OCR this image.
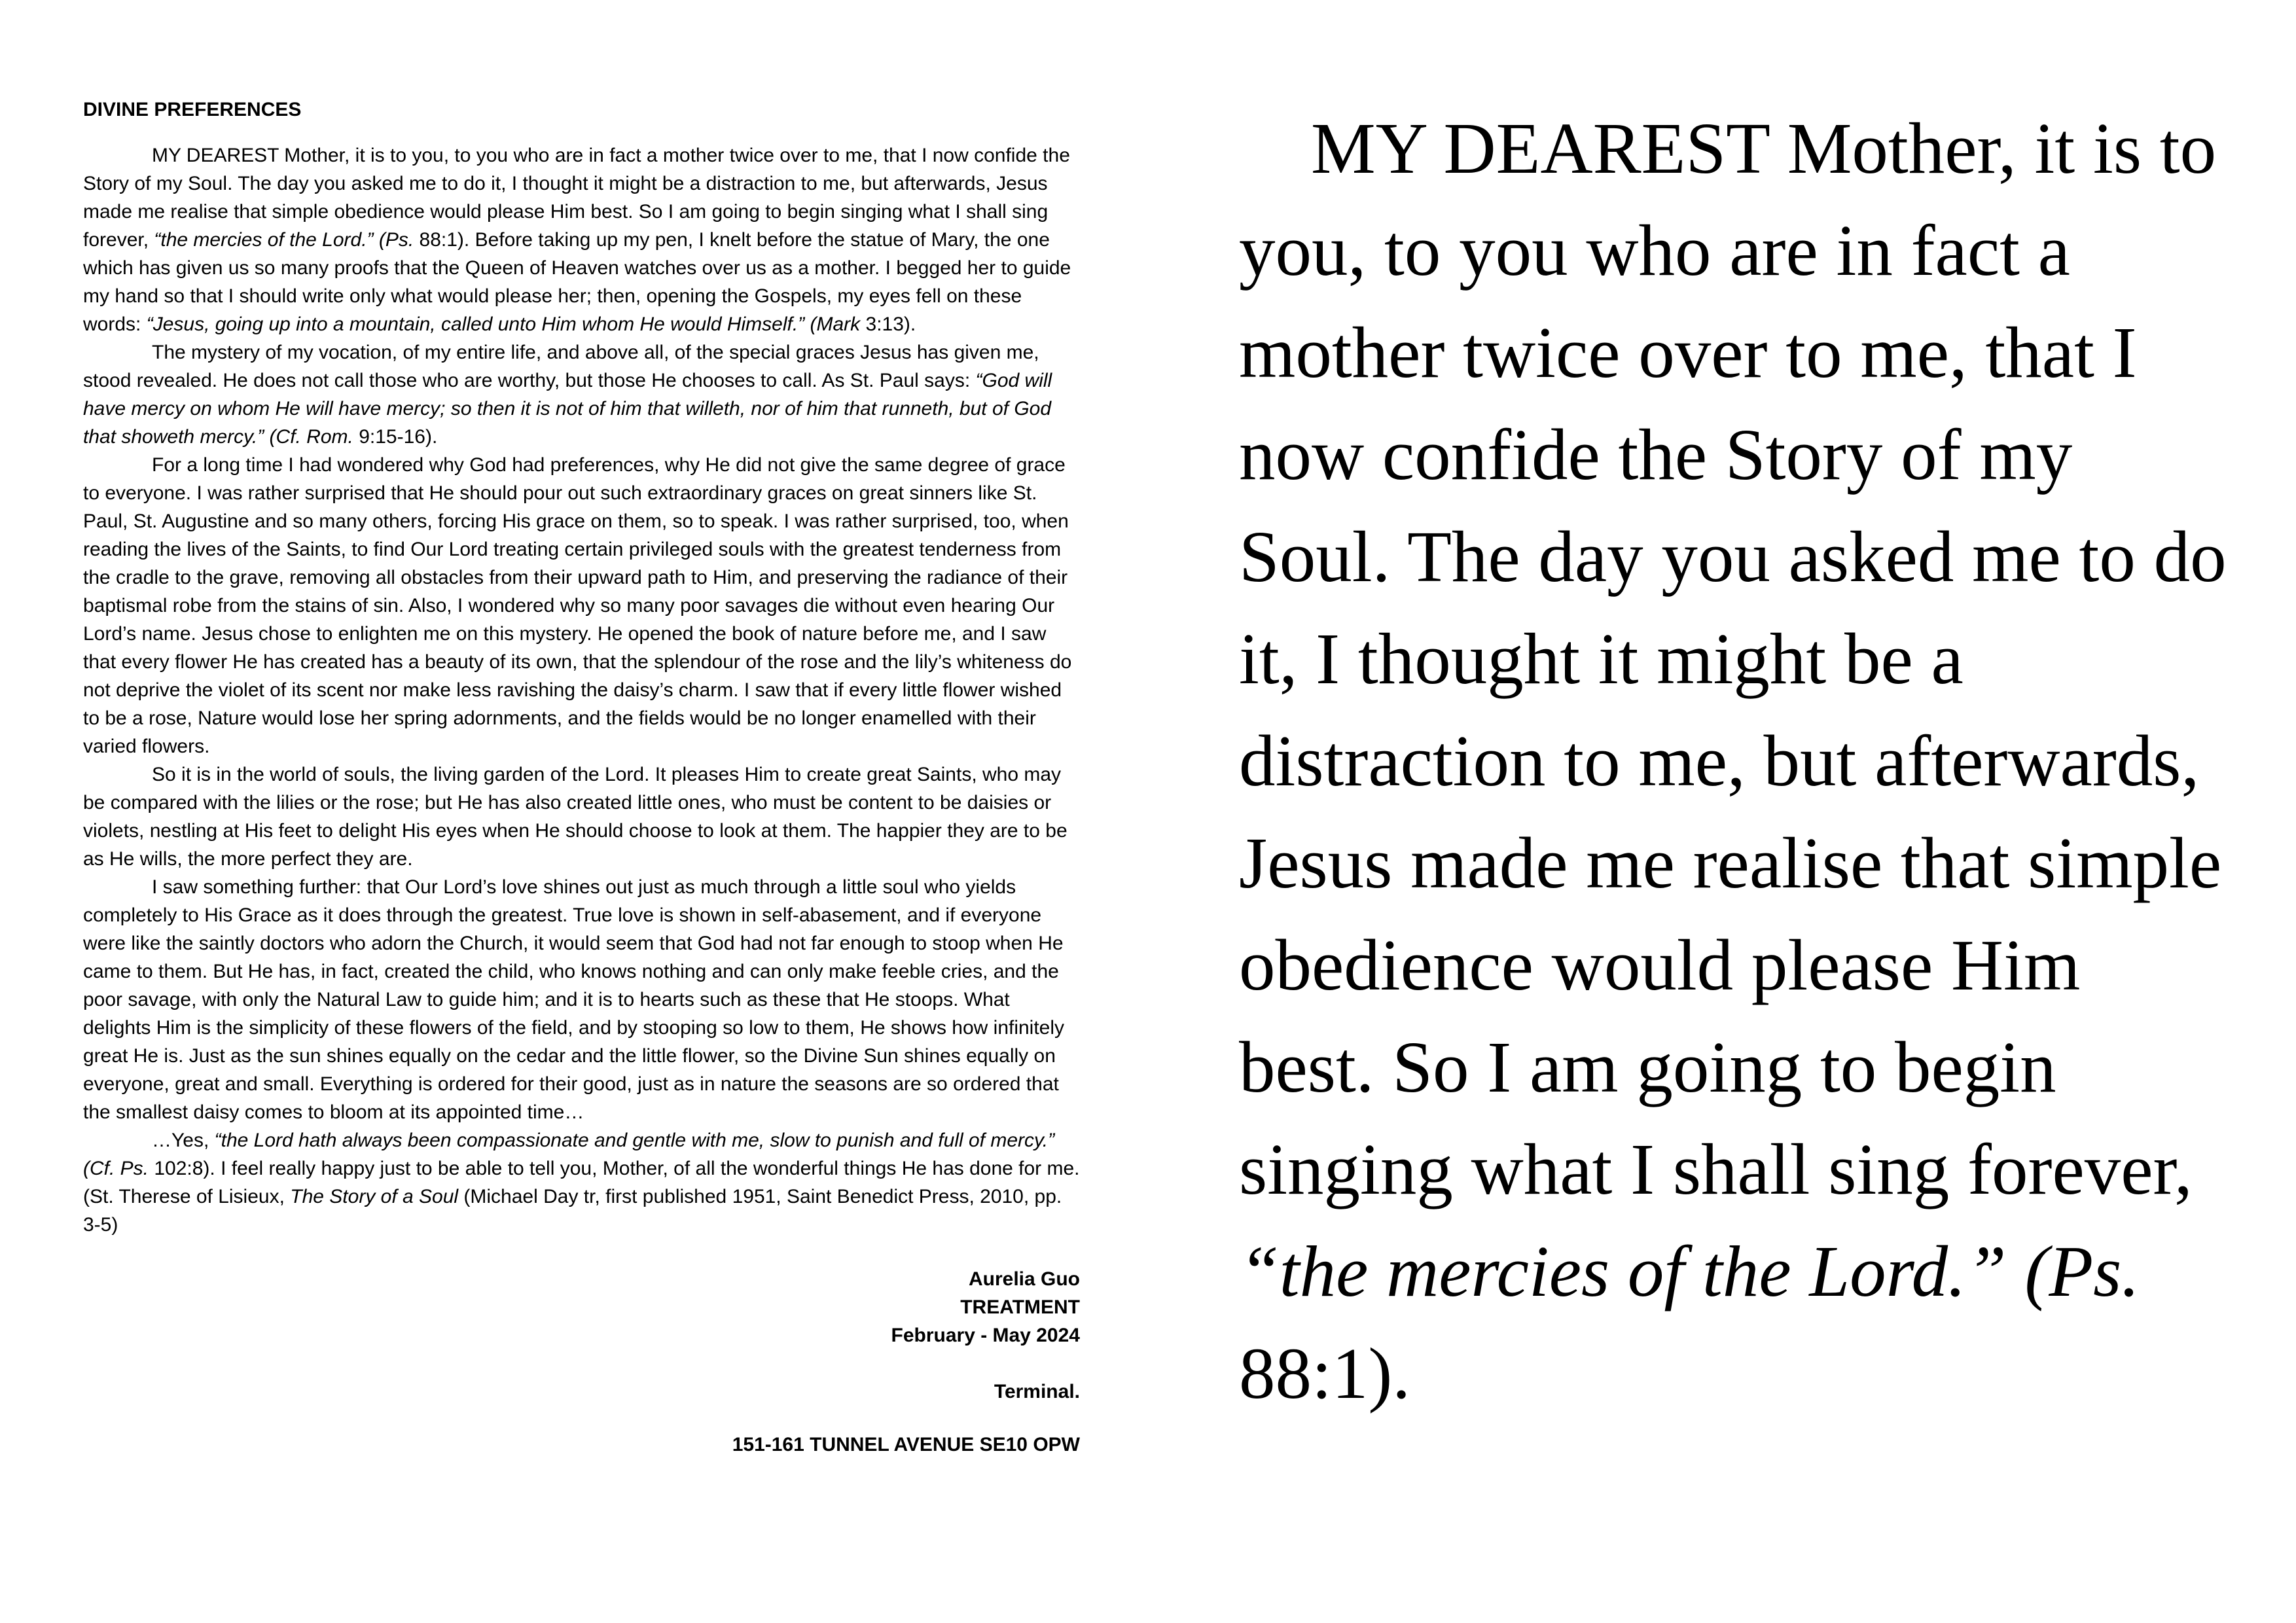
DIVINE PREFERENCES

MY DEAREST Mother, it is to you, to you who are in fact a mother twice over to me, that I now confide the Story of my Soul. The day you asked me to do it, I thought it might be a distraction to me, but afterwards, Jesus made me realise that simple obedience would please Him best. So I am going to begin singing what I shall sing forever, “the mercies of the Lord.” (Ps. 88:1). Before taking up my pen, I knelt before the statue of Mary, the one which has given us so many proofs that the Queen of Heaven watches over us as a mother. I begged her to guide my hand so that I should write only what would please her; then, opening the Gospels, my eyes fell on these words: “Jesus, going up into a mountain, called unto Him whom He would Himself.” (Mark 3:13).

The mystery of my vocation, of my entire life, and above all, of the special graces Jesus has given me, stood revealed. He does not call those who are worthy, but those He chooses to call. As St. Paul says: “God will have mercy on whom He will have mercy; so then it is not of him that willeth, nor of him that runneth, but of God that showeth mercy.” (Cf. Rom. 9:15-16).

For a long time I had wondered why God had preferences, why He did not give the same degree of grace to everyone. I was rather surprised that He should pour out such extraordinary graces on great sinners like St. Paul, St. Augustine and so many others, forcing His grace on them, so to speak. I was rather surprised, too, when reading the lives of the Saints, to find Our Lord treating certain privileged souls with the greatest tenderness from the cradle to the grave, removing all obstacles from their upward path to Him, and preserving the radiance of their baptismal robe from the stains of sin. Also, I wondered why so many poor savages die without even hearing Our Lord’s name. Jesus chose to enlighten me on this mystery. He opened the book of nature before me, and I saw that every flower He has created has a beauty of its own, that the splendour of the rose and the lily’s whiteness do not deprive the violet of its scent nor make less ravishing the daisy’s charm. I saw that if every little flower wished to be a rose, Nature would lose her spring adornments, and the fields would be no longer enamelled with their varied flowers.

So it is in the world of souls, the living garden of the Lord. It pleases Him to create great Saints, who may be compared with the lilies or the rose; but He has also created little ones, who must be content to be daisies or violets, nestling at His feet to delight His eyes when He should choose to look at them. The happier they are to be as He wills, the more perfect they are.

I saw something further: that Our Lord’s love shines out just as much through a little soul who yields completely to His Grace as it does through the greatest. True love is shown in self-abasement, and if everyone were like the saintly doctors who adorn the Church, it would seem that God had not far enough to stoop when He came to them. But He has, in fact, created the child, who knows nothing and can only make feeble cries, and the poor savage, with only the Natural Law to guide him; and it is to hearts such as these that He stoops. What delights Him is the simplicity of these flowers of the field, and by stooping so low to them, He shows how infinitely great He is. Just as the sun shines equally on the cedar and the little flower, so the Divine Sun shines equally on everyone, great and small. Everything is ordered for their good, just as in nature the seasons are so ordered that the smallest daisy comes to bloom at its appointed time…

…Yes, “the Lord hath always been compassionate and gentle with me, slow to punish and full of mercy.” (Cf. Ps. 102:8). I feel really happy just to be able to tell you, Mother, of all the wonderful things He has done for me. (St. Therese of Lisieux, The Story of a Soul (Michael Day tr, first published 1951, Saint Benedict Press, 2010, pp. 3-5)

Aurelia Guo
TREATMENT
February - May 2024
Terminal.
151-161 TUNNEL AVENUE SE10 OPW
MY DEAREST Mother, it is to you, to you who are in fact a mother twice over to me, that I now confide the Story of my Soul. The day you asked me to do it, I thought it might be a distraction to me, but afterwards, Jesus made me realise that simple obedience would please Him best. So I am going to begin singing what I shall sing forever, “the mercies of the Lord.” (Ps. 88:1).
